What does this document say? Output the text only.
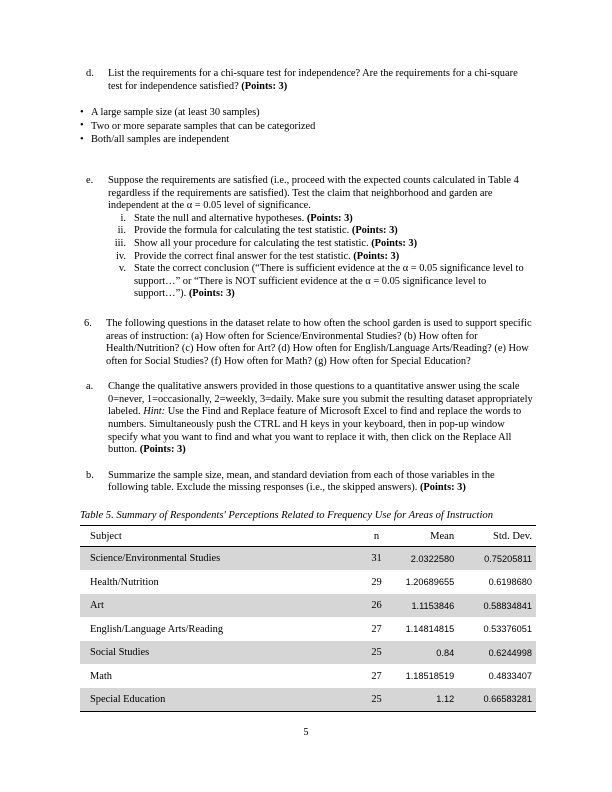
d.	List the requirements for a chi-square test for independence? Are the requirements for a chi-square test for independence satisfied? (Points: 3)
• A large sample size (at least 30 samples)
• Two or more separate samples that can be categorized
• Both/all samples are independent
e.	Suppose the requirements are satisfied (i.e., proceed with the expected counts calculated in Table 4 regardless if the requirements are satisfied). Test the claim that neighborhood and garden are independent at the α = 0.05 level of significance.
i. State the null and alternative hypotheses. (Points: 3)
ii. Provide the formula for calculating the test statistic. (Points: 3)
iii. Show all your procedure for calculating the test statistic. (Points: 3)
iv. Provide the correct final answer for the test statistic. (Points: 3)
v. State the correct conclusion (“There is sufficient evidence at the α = 0.05 significance level to support…” or “There is NOT sufficient evidence at the α = 0.05 significance level to support…”). (Points: 3)
6.	The following questions in the dataset relate to how often the school garden is used to support specific areas of instruction: (a) How often for Science/Environmental Studies? (b) How often for Health/Nutrition? (c) How often for Art? (d) How often for English/Language Arts/Reading? (e) How often for Social Studies? (f) How often for Math? (g) How often for Special Education?
a.	Change the qualitative answers provided in those questions to a quantitative answer using the scale 0=never, 1=occasionally, 2=weekly, 3=daily. Make sure you submit the resulting dataset appropriately labeled. Hint: Use the Find and Replace feature of Microsoft Excel to find and replace the words to numbers. Simultaneously push the CTRL and H keys in your keyboard, then in pop-up window specify what you want to find and what you want to replace it with, then click on the Replace All button. (Points: 3)
b.	Summarize the sample size, mean, and standard deviation from each of those variables in the following table. Exclude the missing responses (i.e., the skipped answers). (Points: 3)
Table 5. Summary of Respondents' Perceptions Related to Frequency Use for Areas of Instruction
Subject	n	Mean	Std. Dev.
Science/Environmental Studies	31	2.0322580	0.75205811
Health/Nutrition	29	1.20689655	0.6198680
Art	26	1.1153846	0.58834841
English/Language Arts/Reading	27	1.14814815	0.53376051
Social Studies	25	0.84	0.6244998
Math	27	1.18518519	0.4833407
Special Education	25	1.12	0.66583281
5
